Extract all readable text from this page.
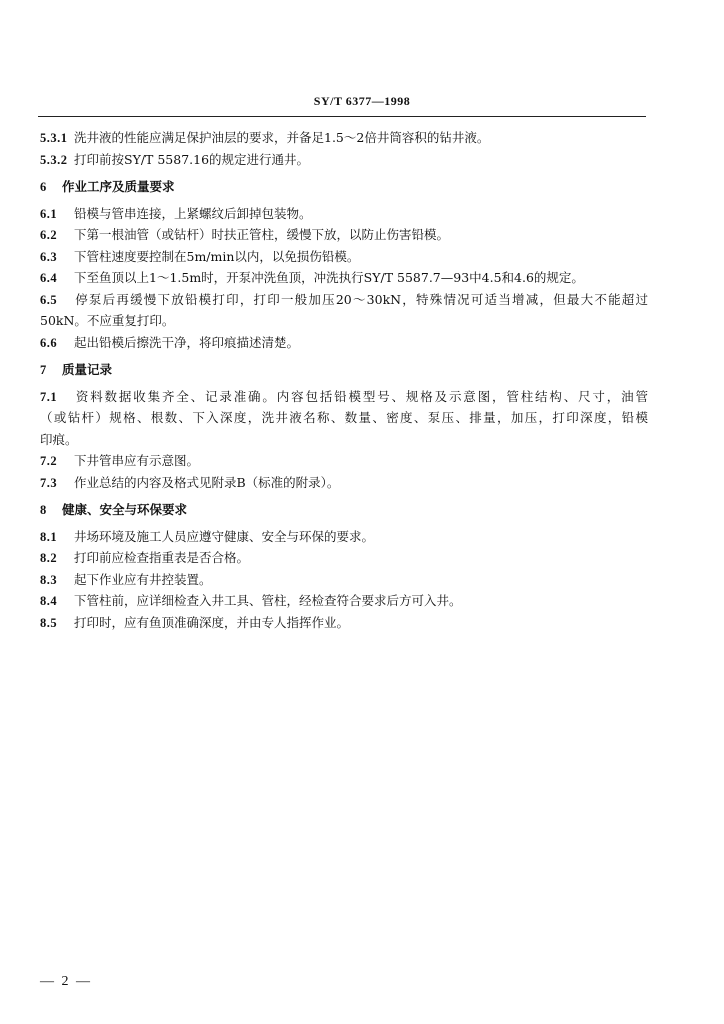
SY/T 6377—1998
5.3.1 洗井液的性能应满足保护油层的要求，并备足1.5～2倍井筒容积的钻井液。
5.3.2 打印前按SY/T 5587.16的规定进行通井。
6 作业工序及质量要求
6.1 铅模与管串连接，上紧螺纹后卸掉包装物。
6.2 下第一根油管（或钻杆）时扶正管柱，缓慢下放，以防止伤害铅模。
6.3 下管柱速度要控制在5m/min以内，以免损伤铅模。
6.4 下至鱼顶以上1～1.5m时，开泵冲洗鱼顶，冲洗执行SY/T 5587.7—93中4.5和4.6的规定。
6.5 停泵后再缓慢下放铅模打印，打印一般加压20～30kN，特殊情况可适当增减，但最大不能超过
50kN。不应重复打印。
6.6 起出铅模后擦洗干净，将印痕描述清楚。
7 质量记录
7.1 资料数据收集齐全、记录准确。内容包括铅模型号、规格及示意图，管柱结构、尺寸，油管
（或钻杆）规格、根数、下入深度，洗井液名称、数量、密度、泵压、排量，加压，打印深度，铅模
印痕。
7.2 下井管串应有示意图。
7.3 作业总结的内容及格式见附录B（标准的附录）。
8 健康、安全与环保要求
8.1 井场环境及施工人员应遵守健康、安全与环保的要求。
8.2 打印前应检查指重表是否合格。
8.3 起下作业应有井控装置。
8.4 下管柱前，应详细检查入井工具、管柱，经检查符合要求后方可入井。
8.5 打印时，应有鱼顶准确深度，并由专人指挥作业。
— 2 —
